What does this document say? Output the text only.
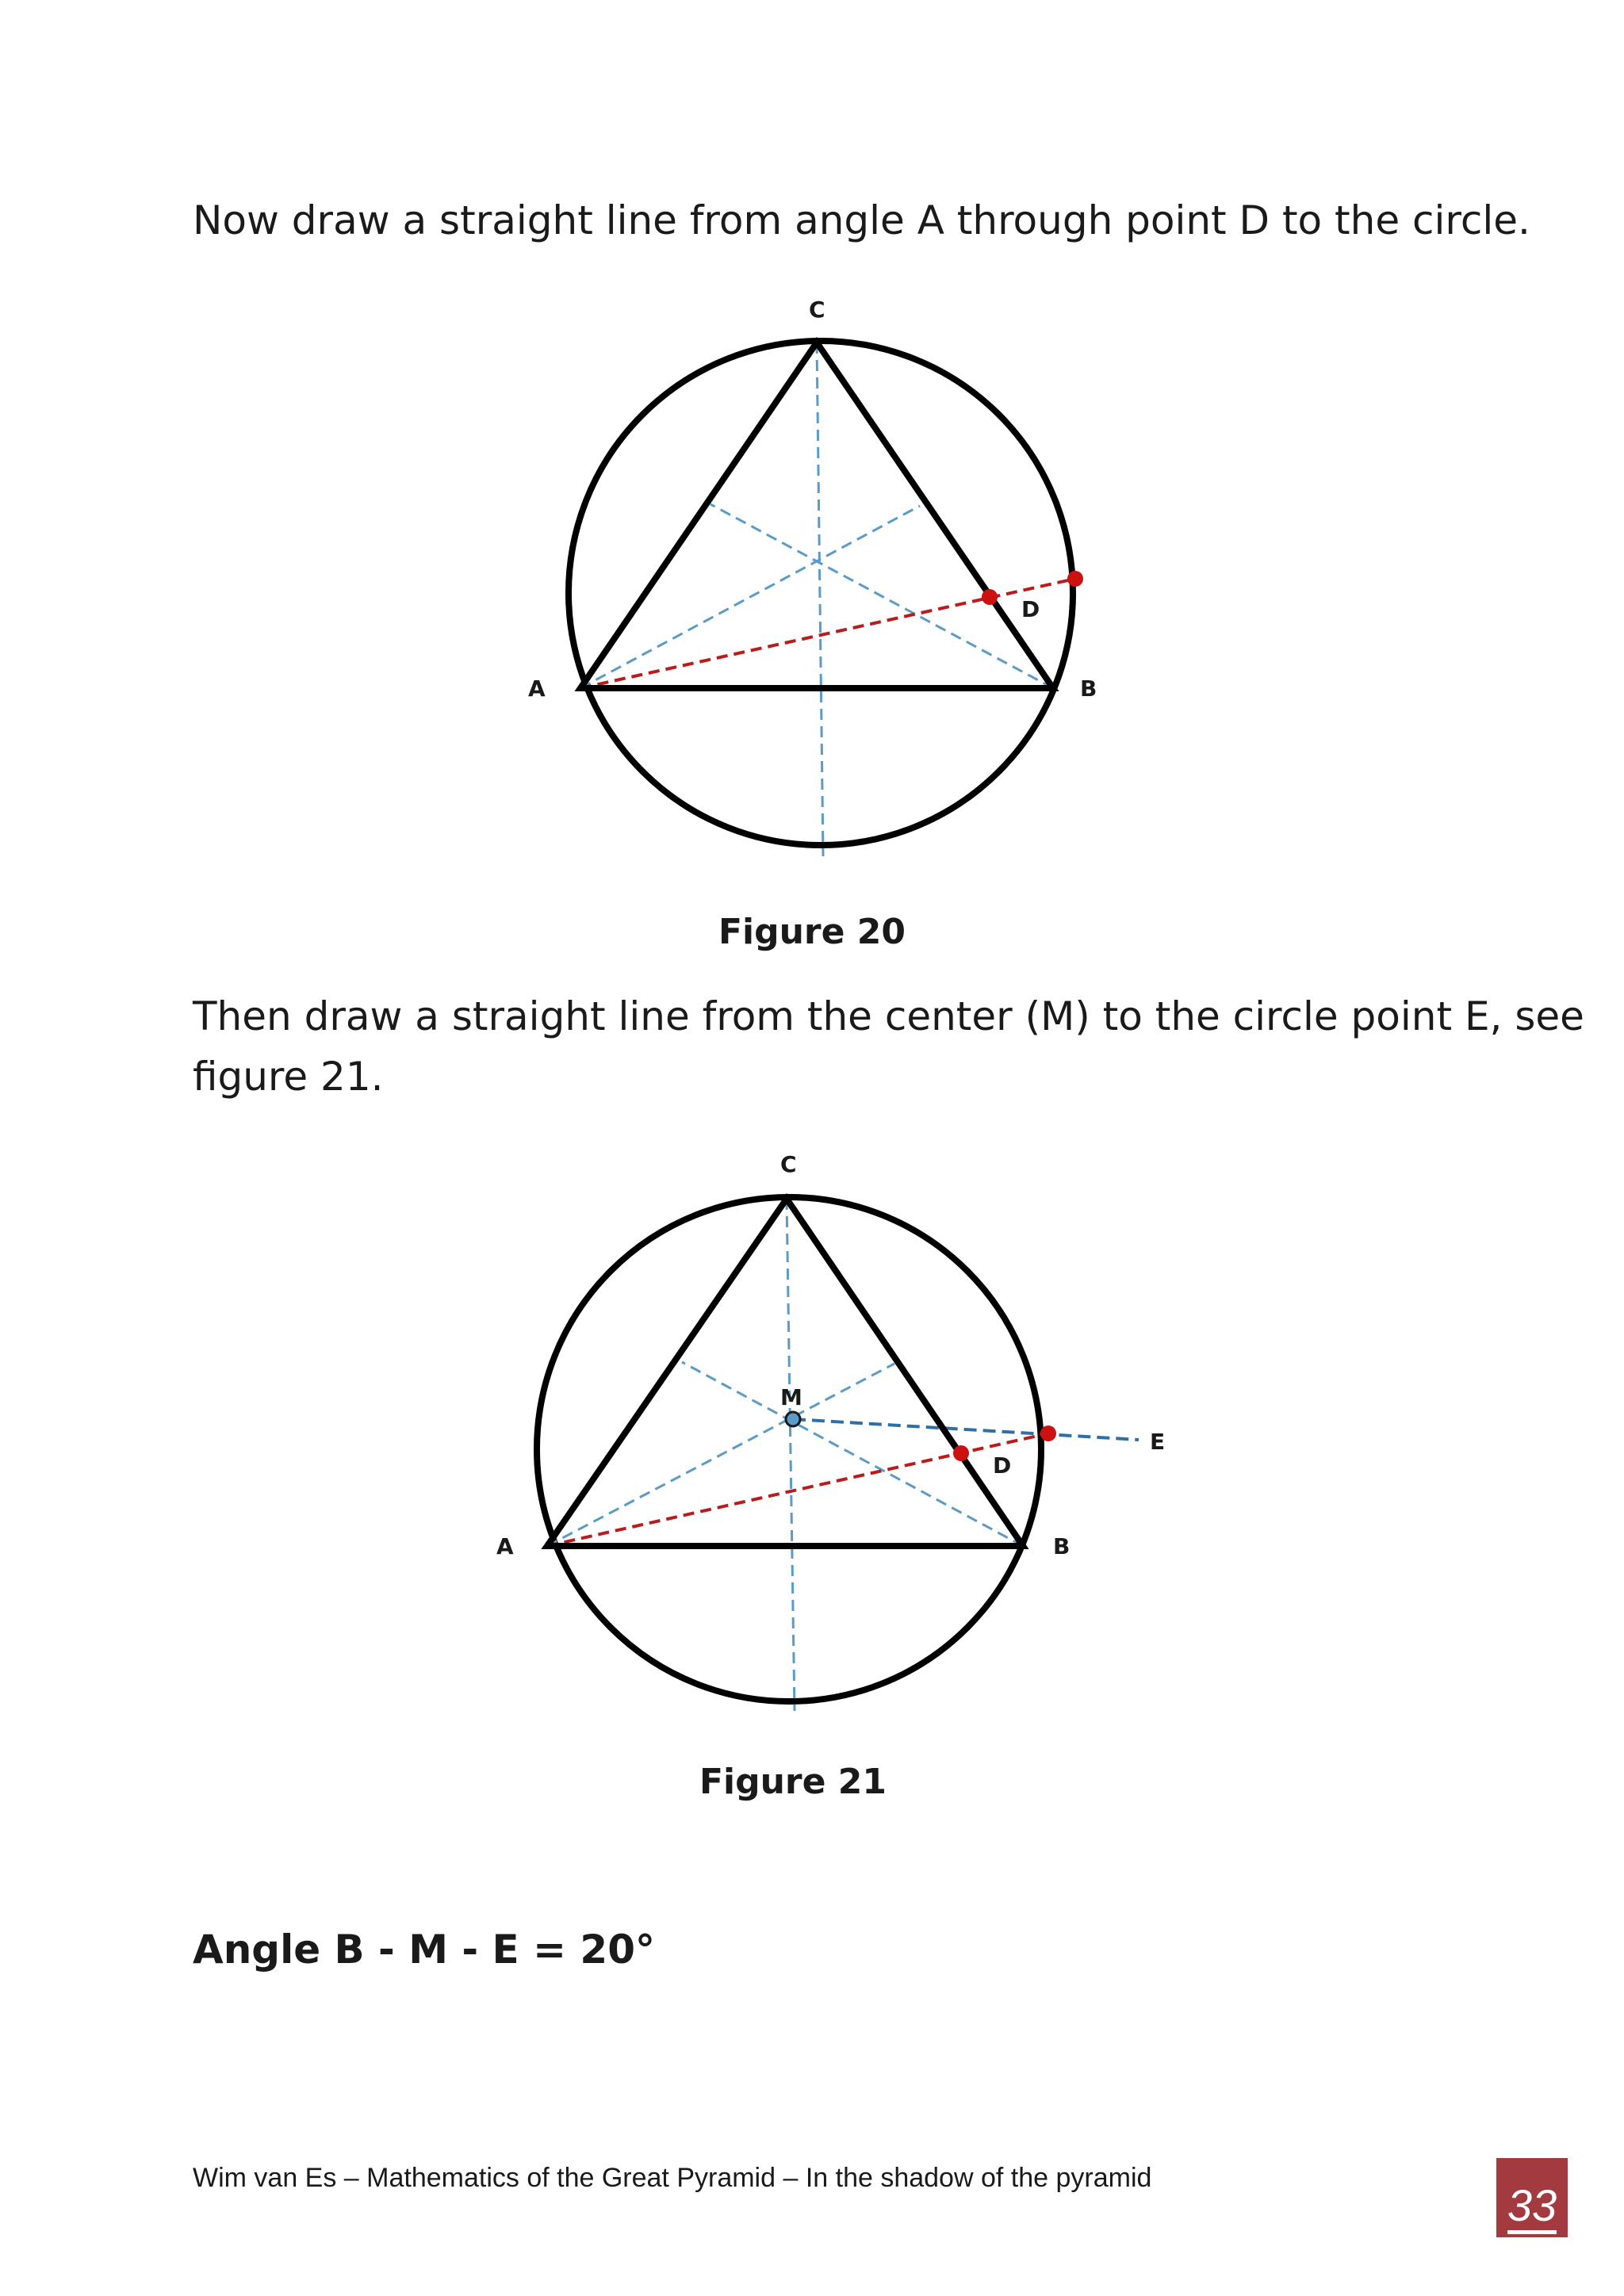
Now draw a straight line from angle A through point D to the circle.

C
A	B
D

Figure 20

Then draw a straight line from the center (M) to the circle point E, see figure 21.

C
M
A	B
D
E

Figure 21

Angle B - M - E = 20°
Wim van Es – Mathematics of the Great Pyramid – In the shadow of the pyramid
33
